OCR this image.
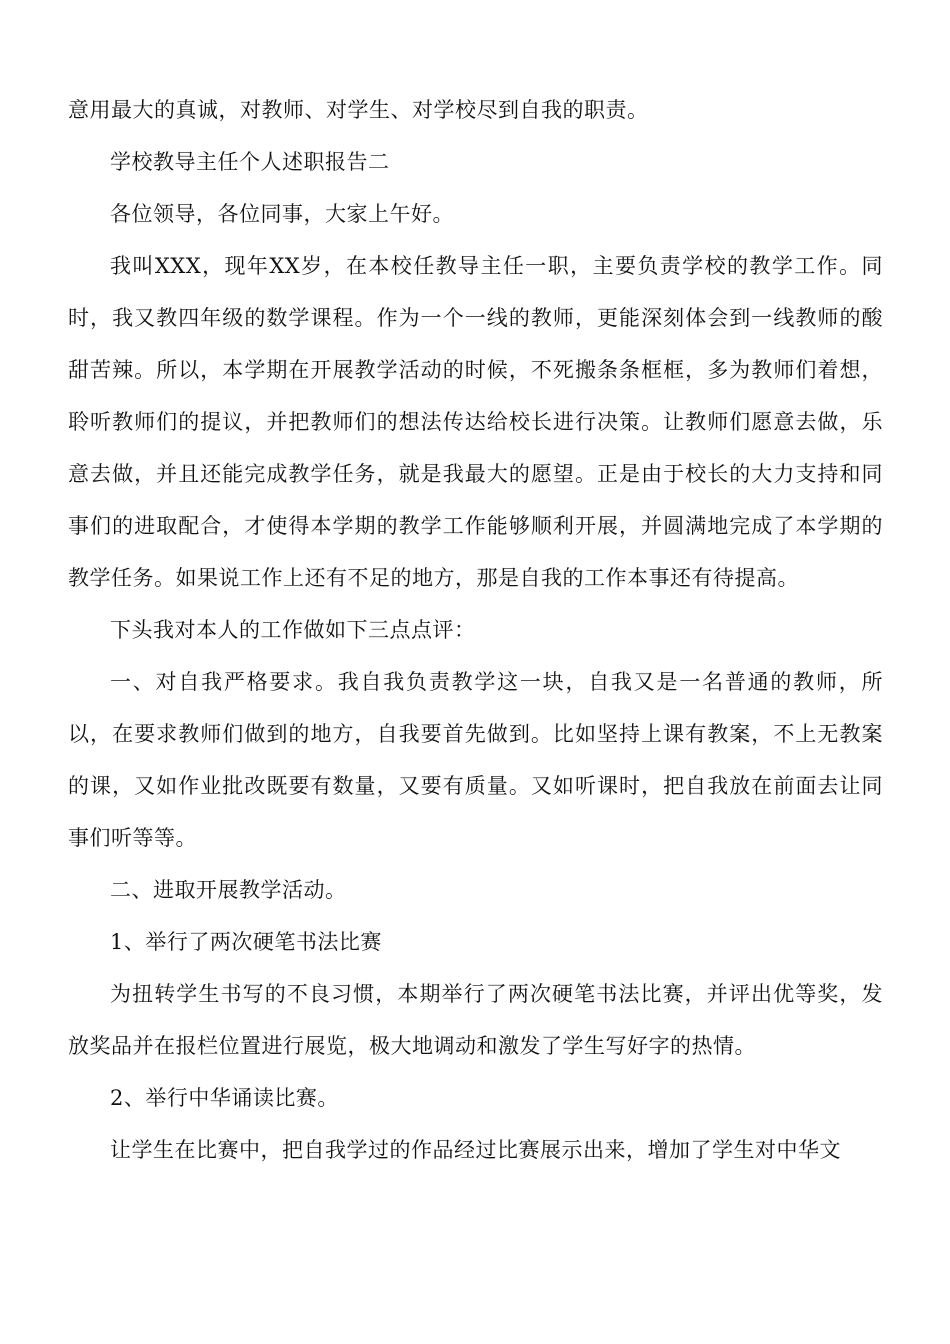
意用最大的真诚，对教师、对学生、对学校尽到自我的职责。

学校教导主任个人述职报告二

各位领导，各位同事，大家上午好。

我叫XXX，现年XX岁，在本校任教导主任一职，主要负责学校的教学工作。同时，我又教四年级的数学课程。作为一个一线的教师，更能深刻体会到一线教师的酸甜苦辣。所以，本学期在开展教学活动的时候，不死搬条条框框，多为教师们着想，聆听教师们的提议，并把教师们的想法传达给校长进行决策。让教师们愿意去做，乐意去做，并且还能完成教学任务，就是我最大的愿望。正是由于校长的大力支持和同事们的进取配合，才使得本学期的教学工作能够顺利开展，并圆满地完成了本学期的教学任务。如果说工作上还有不足的地方，那是自我的工作本事还有待提高。

下头我对本人的工作做如下三点点评：

一、对自我严格要求。我自我负责教学这一块，自我又是一名普通的教师，所以，在要求教师们做到的地方，自我要首先做到。比如坚持上课有教案，不上无教案的课，又如作业批改既要有数量，又要有质量。又如听课时，把自我放在前面去让同事们听等等。

二、进取开展教学活动。

1、举行了两次硬笔书法比赛

为扭转学生书写的不良习惯，本期举行了两次硬笔书法比赛，并评出优等奖，发放奖品并在报栏位置进行展览，极大地调动和激发了学生写好字的热情。

2、举行中华诵读比赛。

让学生在比赛中，把自我学过的作品经过比赛展示出来，增加了学生对中华文
